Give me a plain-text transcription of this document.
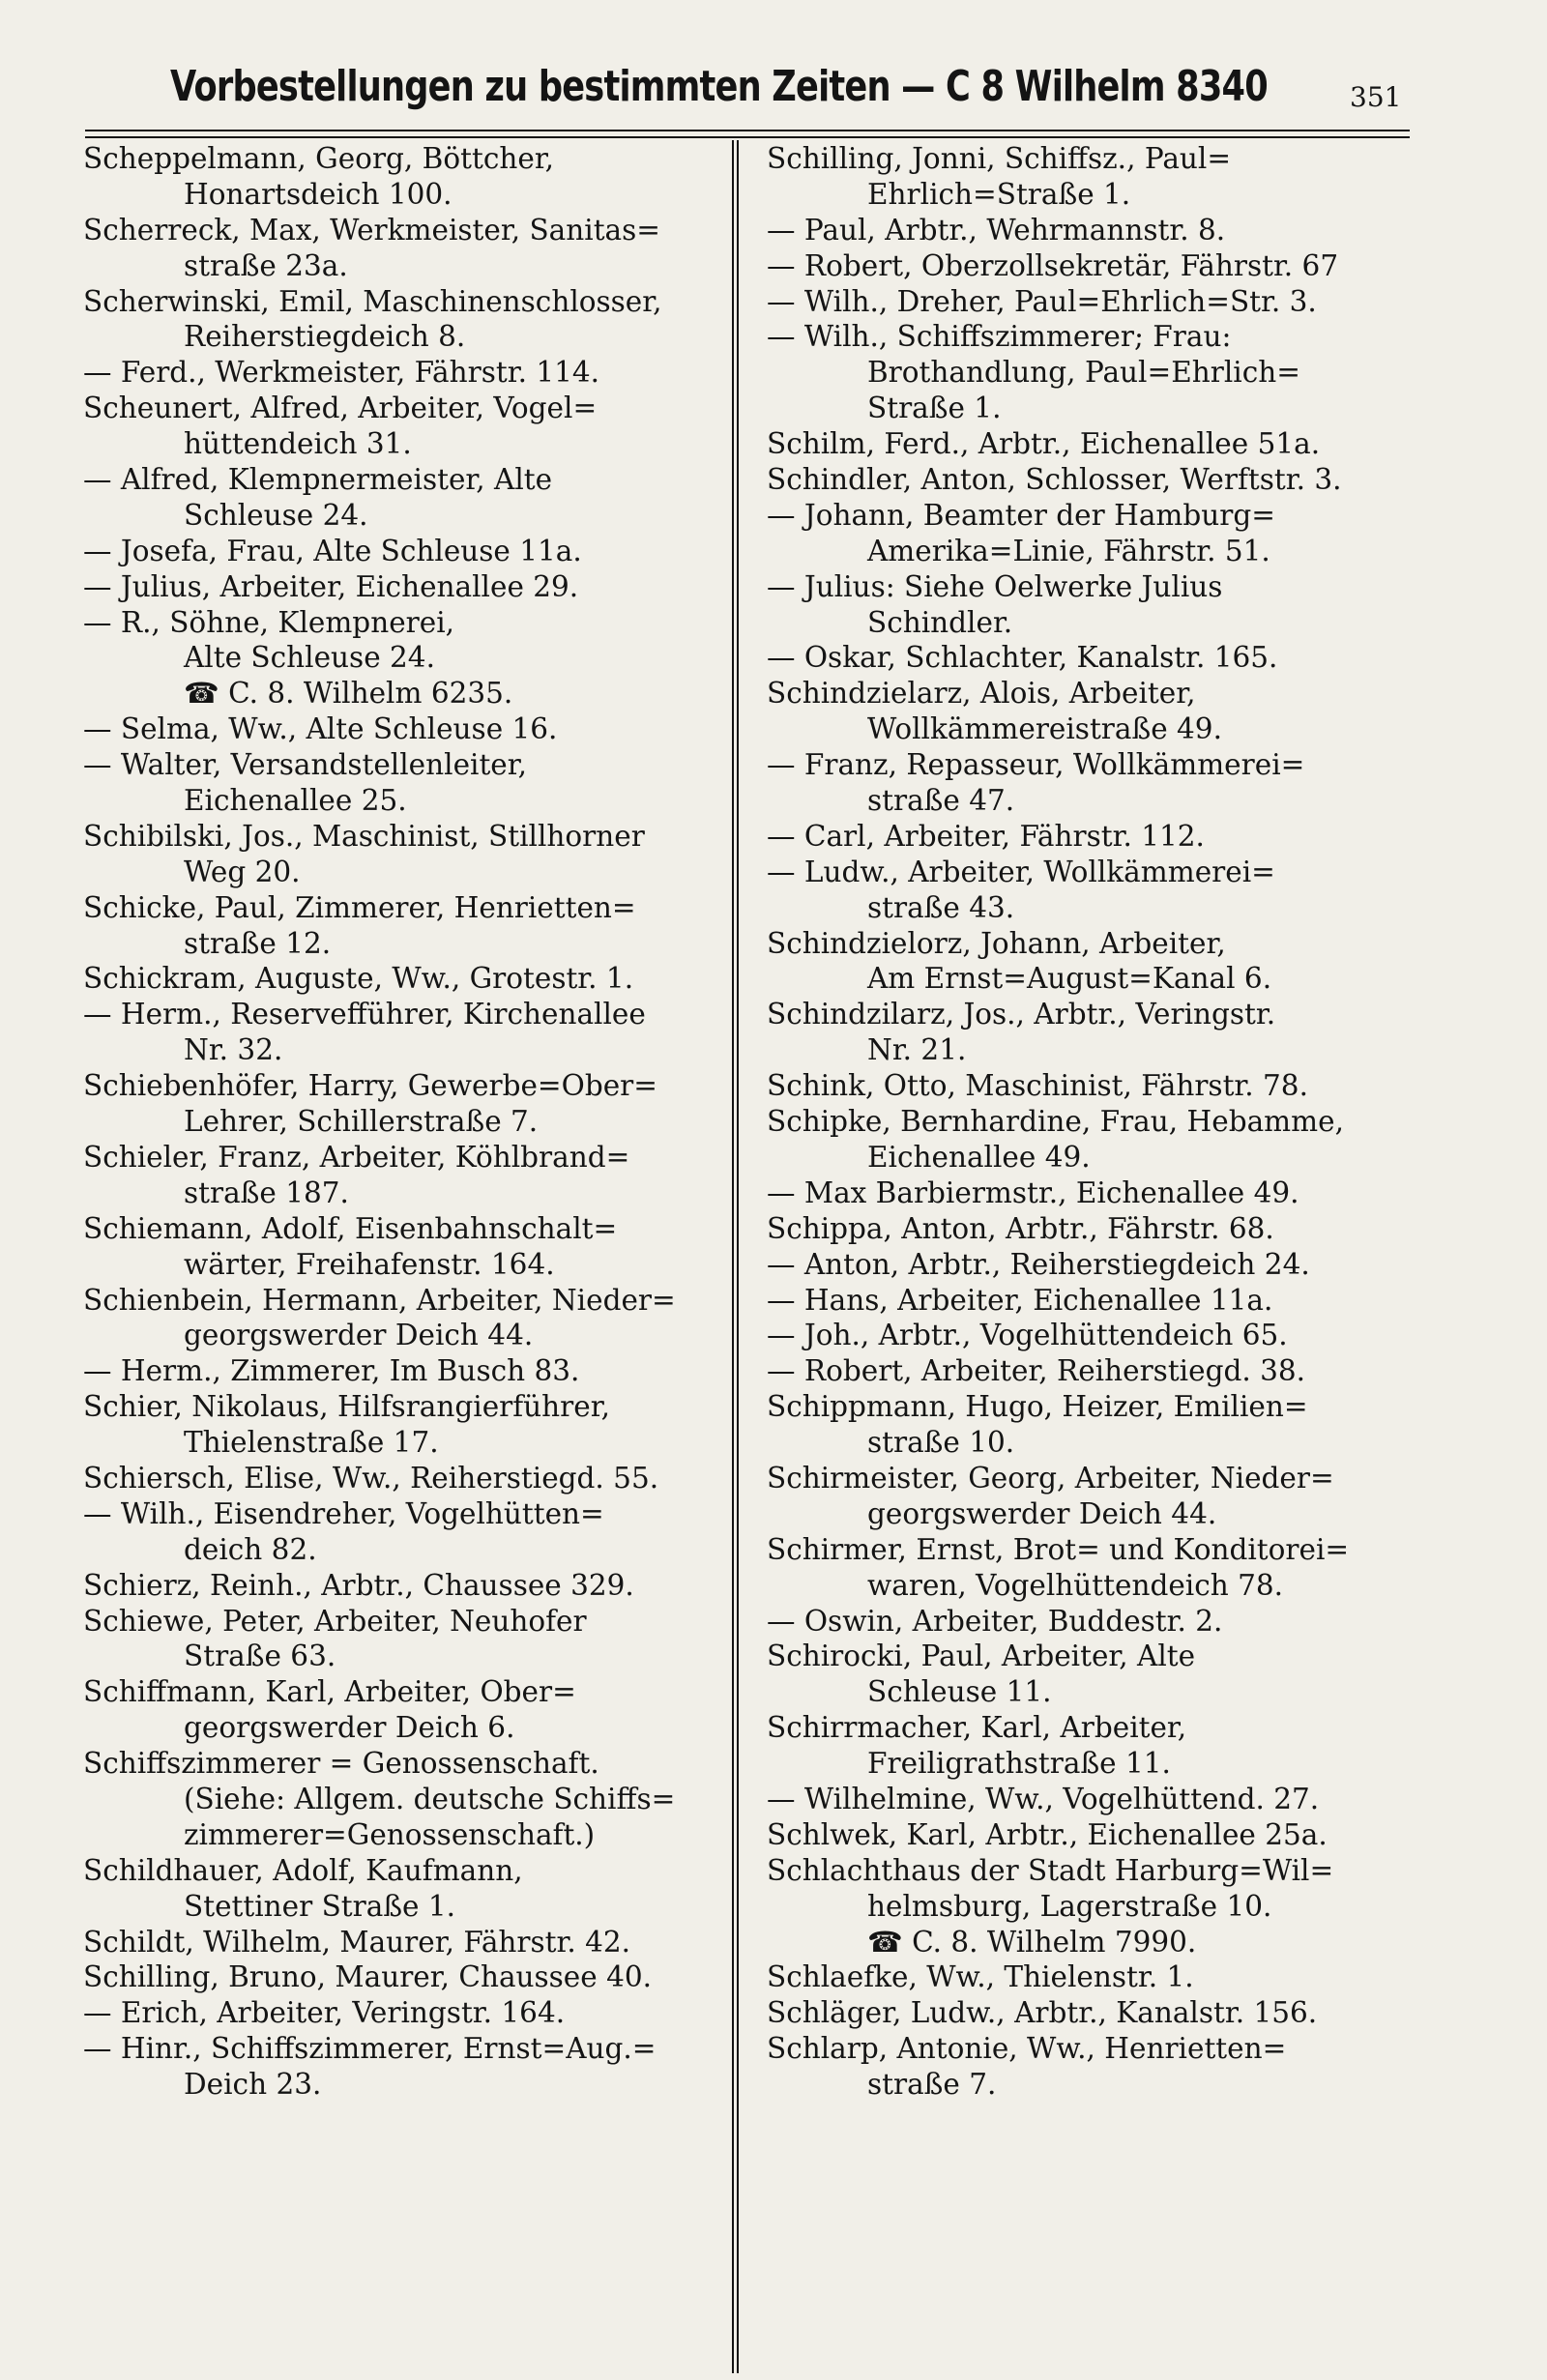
Vorbestellungen zu bestimmten Zeiten — C 8 Wilhelm 8340	351
Scheppelmann, Georg, Böttcher,
Honartsdeich 100.
Scherreck, Max, Werkmeister, Sanitas=
straße 23a.
Scherwinski, Emil, Maschinenschlosser,
Reiherstiegdeich 8.
— Ferd., Werkmeister, Fährstr. 114.
Scheunert, Alfred, Arbeiter, Vogel=
hüttendeich 31.
— Alfred, Klempnermeister, Alte
Schleuse 24.
— Josefa, Frau, Alte Schleuse 11a.
— Julius, Arbeiter, Eichenallee 29.
— R., Söhne, Klempnerei,
Alte Schleuse 24.
☎ C. 8. Wilhelm 6235.
— Selma, Ww., Alte Schleuse 16.
— Walter, Versandstellenleiter,
Eichenallee 25.
Schibilski, Jos., Maschinist, Stillhorner
Weg 20.
Schicke, Paul, Zimmerer, Henrietten=
straße 12.
Schickram, Auguste, Ww., Grotestr. 1.
— Herm., Reservefführer, Kirchenallee
Nr. 32.
Schiebenhöfer, Harry, Gewerbe=Ober=
Lehrer, Schillerstraße 7.
Schieler, Franz, Arbeiter, Köhlbrand=
straße 187.
Schiemann, Adolf, Eisenbahnschalt=
wärter, Freihafenstr. 164.
Schienbein, Hermann, Arbeiter, Nieder=
georgswerder Deich 44.
— Herm., Zimmerer, Im Busch 83.
Schier, Nikolaus, Hilfsrangierführer,
Thielenstraße 17.
Schiersch, Elise, Ww., Reiherstiegd. 55.
— Wilh., Eisendreher, Vogelhütten=
deich 82.
Schierz, Reinh., Arbtr., Chaussee 329.
Schiewe, Peter, Arbeiter, Neuhofer
Straße 63.
Schiffmann, Karl, Arbeiter, Ober=
georgswerder Deich 6.
Schiffszimmerer = Genossenschaft.
(Siehe: Allgem. deutsche Schiffs=
zimmerer=Genossenschaft.)
Schildhauer, Adolf, Kaufmann,
Stettiner Straße 1.
Schildt, Wilhelm, Maurer, Fährstr. 42.
Schilling, Bruno, Maurer, Chaussee 40.
— Erich, Arbeiter, Veringstr. 164.
— Hinr., Schiffszimmerer, Ernst=Aug.=
Deich 23.
Schilling, Jonni, Schiffsz., Paul=
Ehrlich=Straße 1.
— Paul, Arbtr., Wehrmannstr. 8.
— Robert, Oberzollsekretär, Fährstr. 67
— Wilh., Dreher, Paul=Ehrlich=Str. 3.
— Wilh., Schiffszimmerer; Frau:
Brothandlung, Paul=Ehrlich=
Straße 1.
Schilm, Ferd., Arbtr., Eichenallee 51a.
Schindler, Anton, Schlosser, Werftstr. 3.
— Johann, Beamter der Hamburg=
Amerika=Linie, Fährstr. 51.
— Julius: Siehe Oelwerke Julius
Schindler.
— Oskar, Schlachter, Kanalstr. 165.
Schindzielarz, Alois, Arbeiter,
Wollkämmereistraße 49.
— Franz, Repasseur, Wollkämmerei=
straße 47.
— Carl, Arbeiter, Fährstr. 112.
— Ludw., Arbeiter, Wollkämmerei=
straße 43.
Schindzielorz, Johann, Arbeiter,
Am Ernst=August=Kanal 6.
Schindzilarz, Jos., Arbtr., Veringstr.
Nr. 21.
Schink, Otto, Maschinist, Fährstr. 78.
Schipke, Bernhardine, Frau, Hebamme,
Eichenallee 49.
— Max Barbiermstr., Eichenallee 49.
Schippa, Anton, Arbtr., Fährstr. 68.
— Anton, Arbtr., Reiherstiegdeich 24.
— Hans, Arbeiter, Eichenallee 11a.
— Joh., Arbtr., Vogelhüttendeich 65.
— Robert, Arbeiter, Reiherstiegd. 38.
Schippmann, Hugo, Heizer, Emilien=
straße 10.
Schirmeister, Georg, Arbeiter, Nieder=
georgswerder Deich 44.
Schirmer, Ernst, Brot= und Konditorei=
waren, Vogelhüttendeich 78.
— Oswin, Arbeiter, Buddestr. 2.
Schirocki, Paul, Arbeiter, Alte
Schleuse 11.
Schirrmacher, Karl, Arbeiter,
Freiligrathstraße 11.
— Wilhelmine, Ww., Vogelhüttend. 27.
Schlwek, Karl, Arbtr., Eichenallee 25a.
Schlachthaus der Stadt Harburg=Wil=
helmsburg, Lagerstraße 10.
☎ C. 8. Wilhelm 7990.
Schlaefke, Ww., Thielenstr. 1.
Schläger, Ludw., Arbtr., Kanalstr. 156.
Schlarp, Antonie, Ww., Henrietten=
straße 7.
